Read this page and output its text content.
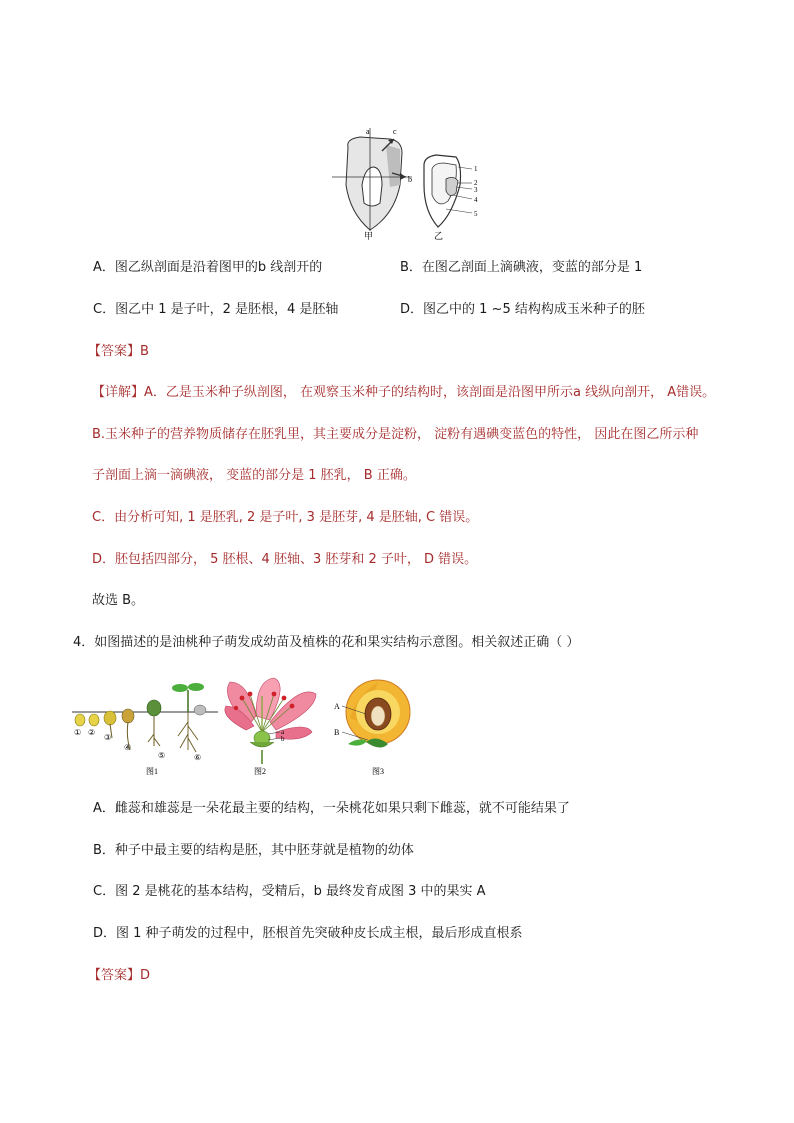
a	c
b
甲
1
2
3
4
5
乙
A．图乙纵剖面是沿着图甲的b 线剖开的	B．在图乙剖面上滴碘液，变蓝的部分是 1
C．图乙中 1 是子叶，2 是胚根，4 是胚轴	D．图乙中的 1 ~5 结构构成玉米种子的胚
【答案】B
【详解】A．乙是玉米种子纵剖图， 在观察玉米种子的结构时，该剖面是沿图甲所示a 线纵向剖开， A错误。
B.玉米种子的营养物质储存在胚乳里，其主要成分是淀粉， 淀粉有遇碘变蓝色的特性， 因此在图乙所示种
子剖面上滴一滴碘液， 变蓝的部分是 1 胚乳， B 正确。
C．由分析可知, 1 是胚乳, 2 是子叶, 3 是胚芽, 4 是胚轴, C 错误。
D．胚包括四部分， 5 胚根、4 胚轴、3 胚芽和 2 子叶， D 错误。
故选 B。
4．如图描述的是油桃种子萌发成幼苗及植株的花和果实结构示意图。相关叙述正确（ ）
① ②
③
④
⑤	⑥
图1
a
b
图2
A
B
图3
A．雌蕊和雄蕊是一朵花最主要的结构，一朵桃花如果只剩下雌蕊，就不可能结果了
B．种子中最主要的结构是胚，其中胚芽就是植物的幼体
C．图 2 是桃花的基本结构，受精后，b 最终发育成图 3 中的果实 A
D．图 1 种子萌发的过程中，胚根首先突破种皮长成主根，最后形成直根系
【答案】D
